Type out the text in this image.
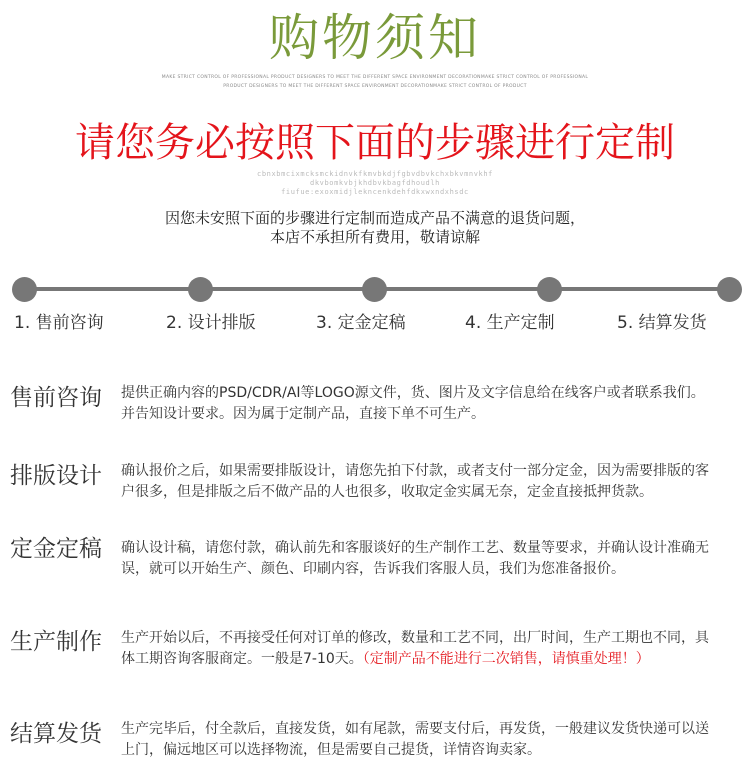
购物须知
MAKE STRICT CONTROL OF PROFESSIONAL PRODUCT DESIGNERS TO MEET THE DIFFERENT SPACE ENVIRONMENT DECORATIONMAKE STRICT CONTROL OF PROFESSIONAL
PRODUCT DESIGNERS TO MEET THE DIFFERENT SPACE ENVIRONMENT DECORATIONMAKE STRICT CONTROL OF PRODUCT
请您务必按照下面的步骤进行定制
cbnxbmcixmcksmckidnvkfkmvbkdjfgbvdbvkchxbkvmnvkhf
dkvbomkvbjkhdbvkbagfdhoudlh
fiufue:exoxmidjlekncenkdehfdkxwxndxhsdc
因您未安照下面的步骤进行定制而造成产品不满意的退货问题，
本店不承担所有费用，敬请谅解
1. 售前咨询	2. 设计排版	3. 定金定稿	4. 生产定制	5. 结算发货
售前咨询 提供正确内容的PSD/CDR/AI等LOGO源文件，货、图片及文字信息给在线客户或者联系我们。并告知设计要求。因为属于定制产品，直接下单不可生产。
排版设计 确认报价之后，如果需要排版设计，请您先拍下付款，或者支付一部分定金，因为需要排版的客户很多，但是排版之后不做产品的人也很多，收取定金实属无奈，定金直接抵押货款。
定金定稿 确认设计稿，请您付款，确认前先和客服谈好的生产制作工艺、数量等要求，并确认设计准确无误，就可以开始生产、颜色、印刷内容，告诉我们客服人员，我们为您准备报价。
生产制作 生产开始以后，不再接受任何对订单的修改，数量和工艺不同，出厂时间，生产工期也不同，具体工期咨询客服商定。一般是7-10天。（定制产品不能进行二次销售，请慎重处理！）
结算发货 生产完毕后，付全款后，直接发货，如有尾款，需要支付后，再发货，一般建议发货快递可以送上门，偏远地区可以选择物流，但是需要自己提货，详情咨询卖家。
